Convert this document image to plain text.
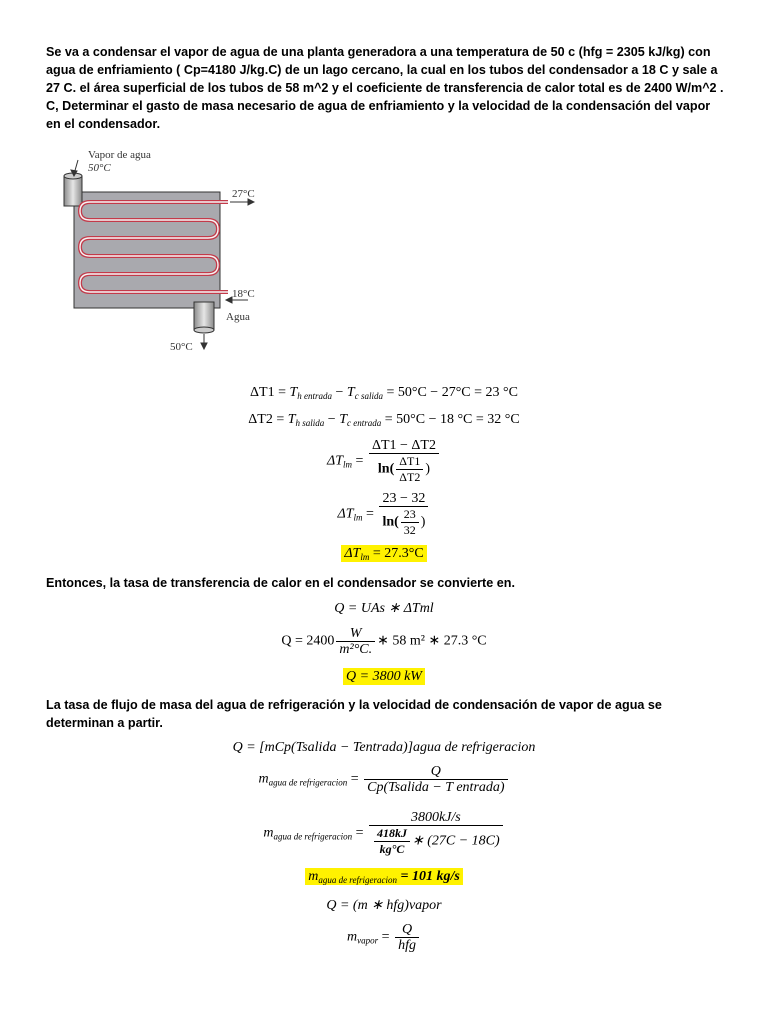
Se va a condensar el vapor de agua de una planta generadora a una temperatura de 50 c (hfg = 2305 kJ/kg) con agua de enfriamiento ( Cp=4180 J/kg.C) de un lago cercano, la cual en los tubos del condensador a 18 C y sale a 27 C. el área superficial de los tubos de 58 m^2 y el coeficiente de transferencia de calor total es de 2400 W/m^2 . C, Determinar el gasto de masa necesario de agua de enfriamiento y la velocidad de la condensación del vapor en el condensador.
Vapor de agua
50°C
27°C
18°C
Agua
50°C
$\Delta T1 = T_{h entrada} - T_{c salida} = 50^\circ C - 27^\circ C = 23$ °C
$\Delta T2 = T_{h salida} - T_{c entrada} = 50^\circ C - 18$ °C = 32 °C
$\Delta T_{lm} = \frac{\Delta T1 - \Delta T2}{\ln( \frac{\Delta T1}{\Delta T2} )}$
$\Delta T_{lm} = \frac{23 - 32}{\ln( \frac{23}{32} )}$
$\Delta T_{lm} = 27.3^\circ C$
Entonces, la tasa de transferencia de calor en el condensador se convierte en.
Q = UAs ∗ ΔTml
$Q = 2400 \frac{W}{\text{m²°C.}}$ ∗ 58 m² ∗ 27.3 °C
Q = 3800 kW
La tasa de flujo de masa del agua de refrigeración y la velocidad de condensación de vapor de agua se determinan a partir.
Q = [mCp(Tsalida − Tentrada)]agua de refrigeracion
$m_{agua de refrigeracion} = \frac{Q}{\text{Cp(Tsalida − T entrada)}}$
$m_{agua de refrigeracion} = \frac{3800kJ/s}{\frac{418kJ}{kg^\circ C} ∗ (27C - 18C)}$
$m_{agua de refrigeracion} = 101$ kg/s
Q = (m ∗ hfg)vapor
$m_{vapor} = \frac{Q}{\text{hfg}}$
